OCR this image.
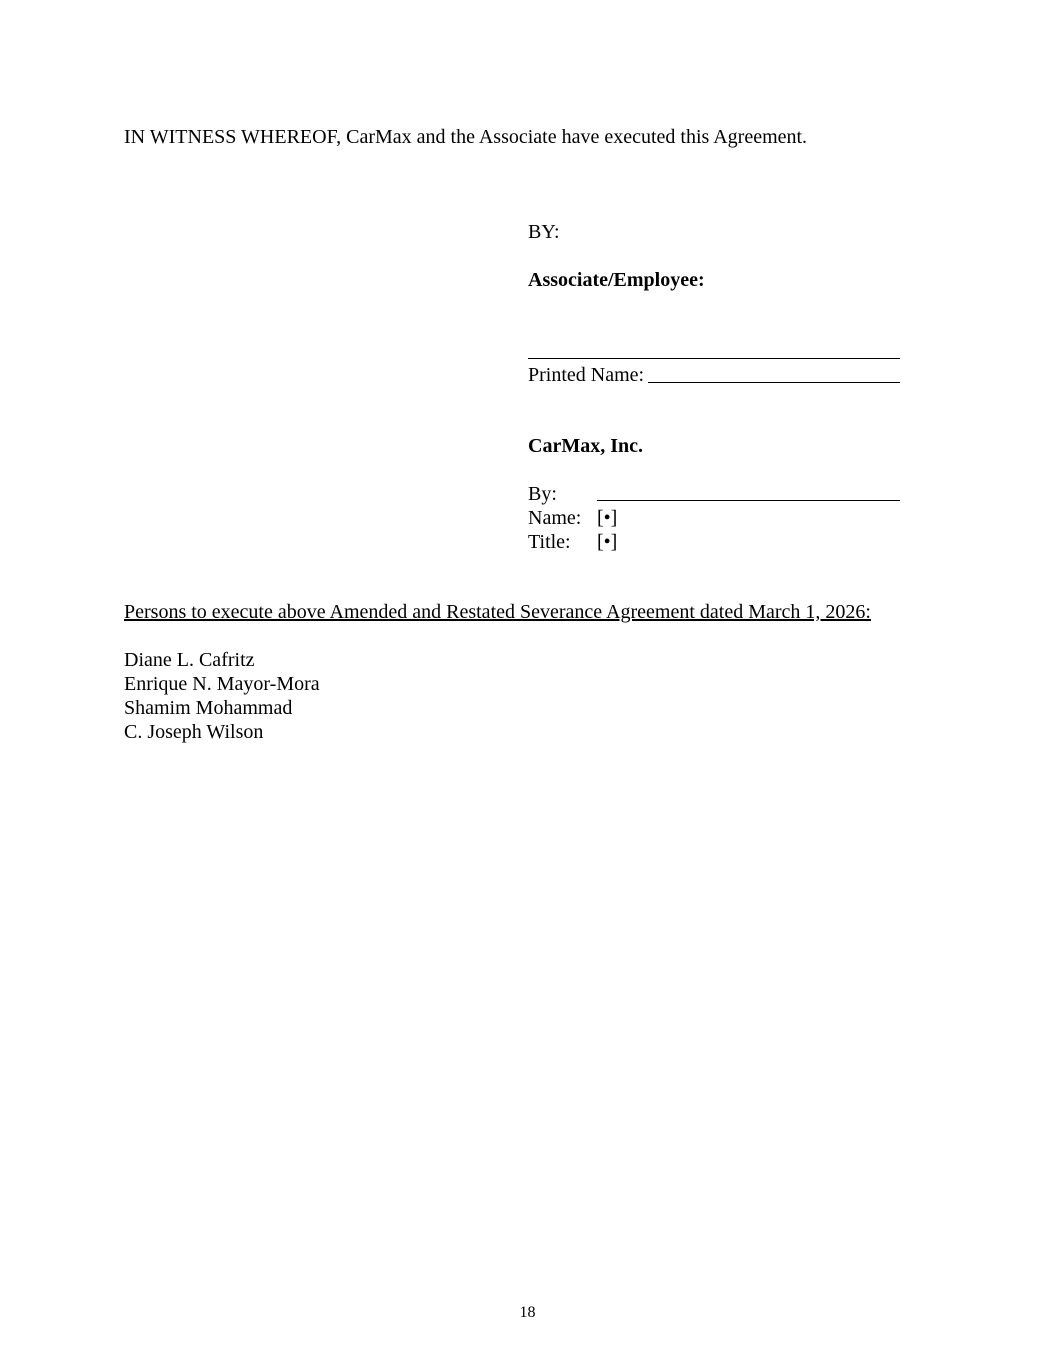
IN WITNESS WHEREOF, CarMax and the Associate have executed this Agreement.
BY:
Associate/Employee:
Printed Name:
CarMax, Inc.
By:
Name: [•]
Title: [•]
Persons to execute above Amended and Restated Severance Agreement dated March 1, 2026:
Diane L. Cafritz
Enrique N. Mayor-Mora
Shamim Mohammad
C. Joseph Wilson
18
